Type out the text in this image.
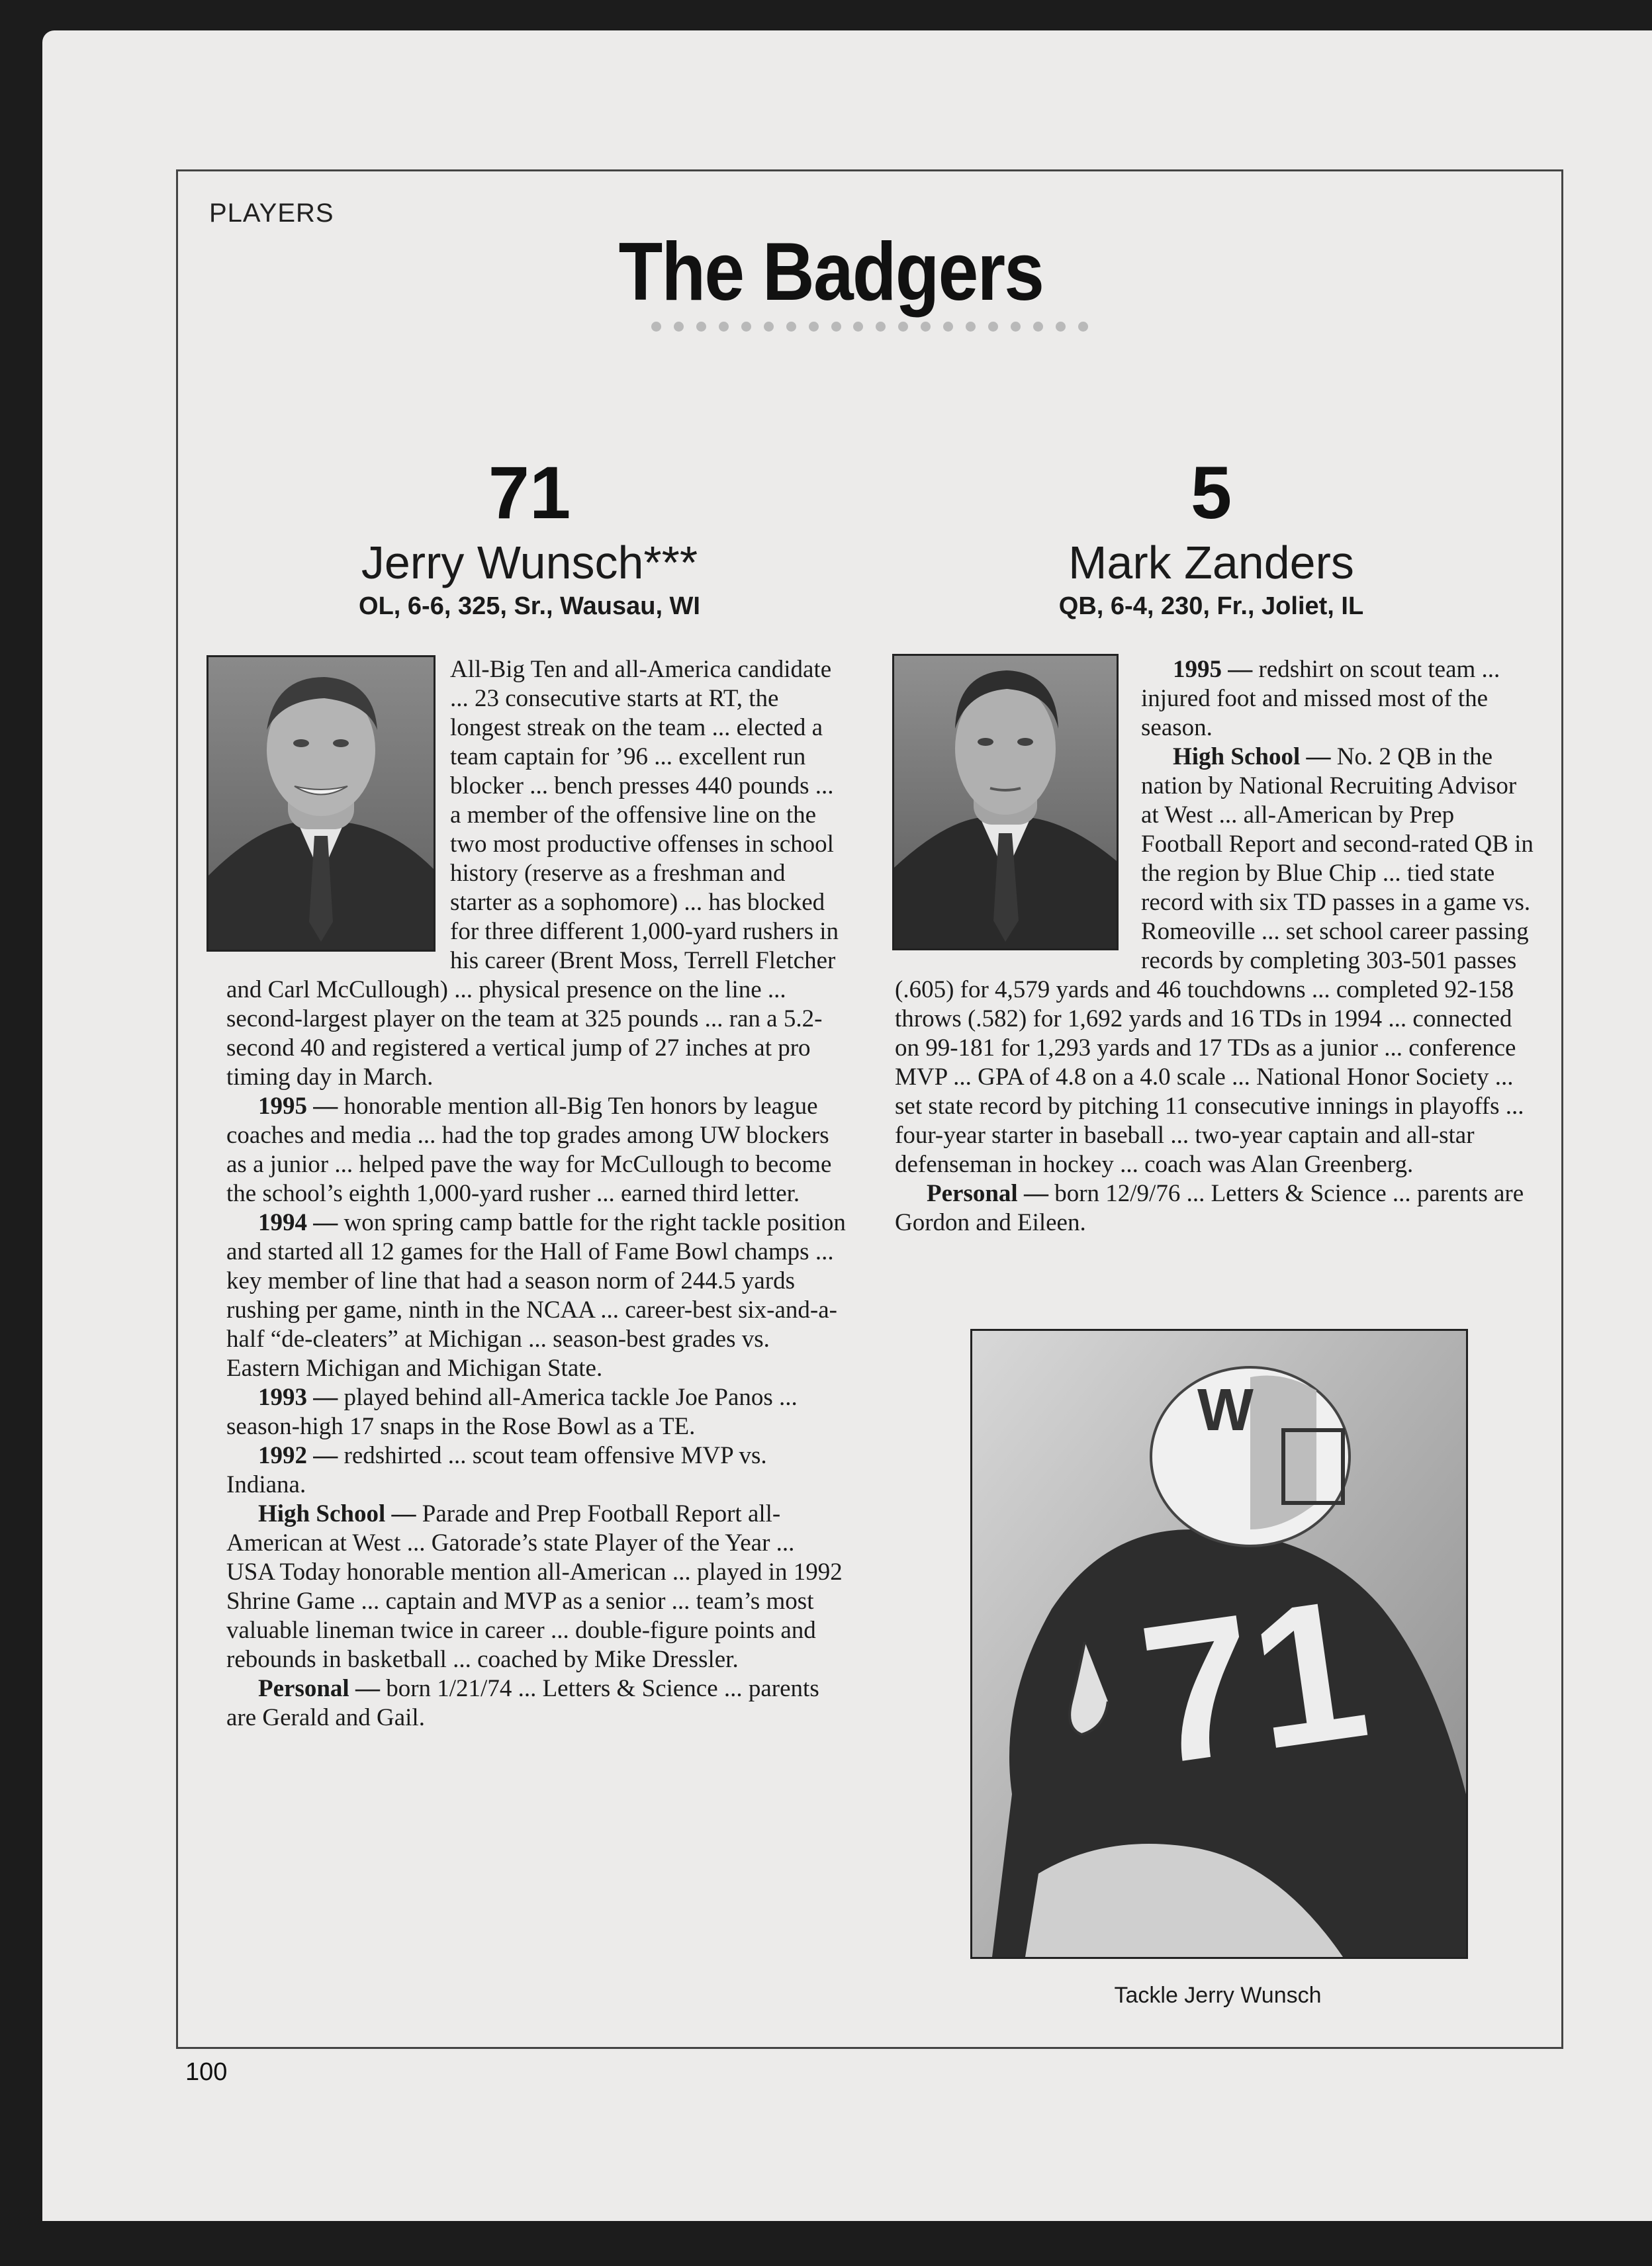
PLAYERS
The Badgers
71
Jerry Wunsch***
OL, 6-6, 325, Sr., Wausau, WI

All-Big Ten and all-America candidate ... 23 consecutive starts at RT, the longest streak on the team ... elected a team captain for ’96 ... excellent run blocker ... bench presses 440 pounds ... a member of the offensive line on the two most productive offenses in school history (reserve as a freshman and starter as a sophomore) ... has blocked for three different 1,000-yard rushers in his career (Brent Moss, Terrell Fletcher and Carl McCullough) ... physical presence on the line ... second-largest player on the team at 325 pounds ... ran a 5.2-second 40 and registered a vertical jump of 27 inches at pro timing day in March.

1995 — honorable mention all-Big Ten honors by league coaches and media ... had the top grades among UW blockers as a junior ... helped pave the way for McCullough to become the school’s eighth 1,000-yard rusher ... earned third letter.

1994 — won spring camp battle for the right tackle position and started all 12 games for the Hall of Fame Bowl champs ... key member of line that had a season norm of 244.5 yards rushing per game, ninth in the NCAA ... career-best six-and-a-half “de-cleaters” at Michigan ... season-best grades vs. Eastern Michigan and Michigan State.

1993 — played behind all-America tackle Joe Panos ... season-high 17 snaps in the Rose Bowl as a TE.

1992 — redshirted ... scout team offensive MVP vs. Indiana.

High School — Parade and Prep Football Report all-American at West ... Gatorade’s state Player of the Year ... USA Today honorable mention all-American ... played in 1992 Shrine Game ... captain and MVP as a senior ... team’s most valuable lineman twice in career ... double-figure points and rebounds in basketball ... coached by Mike Dressler.

Personal — born 1/21/74 ... Letters & Science ... parents are Gerald and Gail.

5
Mark Zanders
QB, 6-4, 230, Fr., Joliet, IL

1995 — redshirt on scout team ... injured foot and missed most of the season.

High School — No. 2 QB in the nation by National Recruiting Advisor at West ... all-American by Prep Football Report and second-rated QB in the region by Blue Chip ... tied state record with six TD passes in a game vs. Romeoville ... set school career passing records by completing 303-501 passes (.605) for 4,579 yards and 46 touchdowns ... completed 92-158 throws (.582) for 1,692 yards and 16 TDs in 1994 ... connected on 99-181 for 1,293 yards and 17 TDs as a junior ... conference MVP ... GPA of 4.8 on a 4.0 scale ... National Honor Society ... set state record by pitching 11 consecutive innings in playoffs ... four-year starter in baseball ... two-year captain and all-star defenseman in hockey ... coach was Alan Greenberg.

Personal — born 12/9/76 ... Letters & Science ... parents are Gordon and Eileen.

W
71
Tackle Jerry Wunsch
100
